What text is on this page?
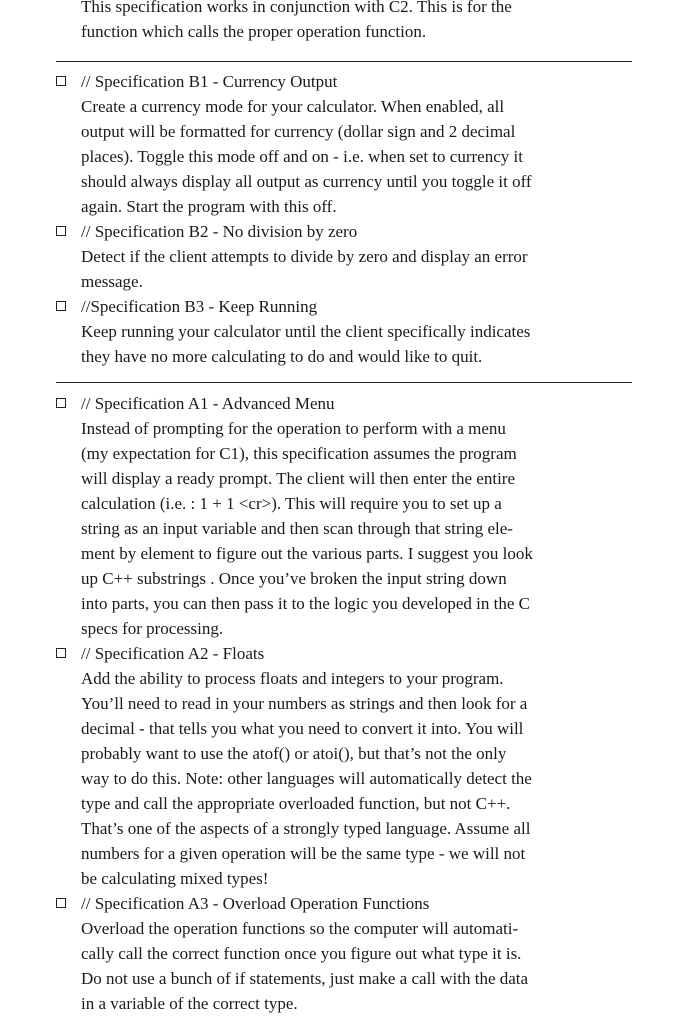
This specification works in conjunction with C2. This is for the
function which calls the proper operation function.
// Specification B1 - Currency Output
Create a currency mode for your calculator. When enabled, all
output will be formatted for currency (dollar sign and 2 decimal
places). Toggle this mode off and on - i.e. when set to currency it
should always display all output as currency until you toggle it off
again. Start the program with this off.
// Specification B2 - No division by zero
Detect if the client attempts to divide by zero and display an error
message.
//Specification B3 - Keep Running
Keep running your calculator until the client specifically indicates
they have no more calculating to do and would like to quit.
// Specification A1 - Advanced Menu
Instead of prompting for the operation to perform with a menu
(my expectation for C1), this specification assumes the program
will display a ready prompt. The client will then enter the entire
calculation (i.e. : 1 + 1 <cr>). This will require you to set up a
string as an input variable and then scan through that string ele-
ment by element to figure out the various parts. I suggest you look
up C++ substrings . Once you’ve broken the input string down
into parts, you can then pass it to the logic you developed in the C
specs for processing.
// Specification A2 - Floats
Add the ability to process floats and integers to your program.
You’ll need to read in your numbers as strings and then look for a
decimal - that tells you what you need to convert it into. You will
probably want to use the atof() or atoi(), but that’s not the only
way to do this. Note: other languages will automatically detect the
type and call the appropriate overloaded function, but not C++.
That’s one of the aspects of a strongly typed language. Assume all
numbers for a given operation will be the same type - we will not
be calculating mixed types!
// Specification A3 - Overload Operation Functions
Overload the operation functions so the computer will automati-
cally call the correct function once you figure out what type it is.
Do not use a bunch of if statements, just make a call with the data
in a variable of the correct type.
